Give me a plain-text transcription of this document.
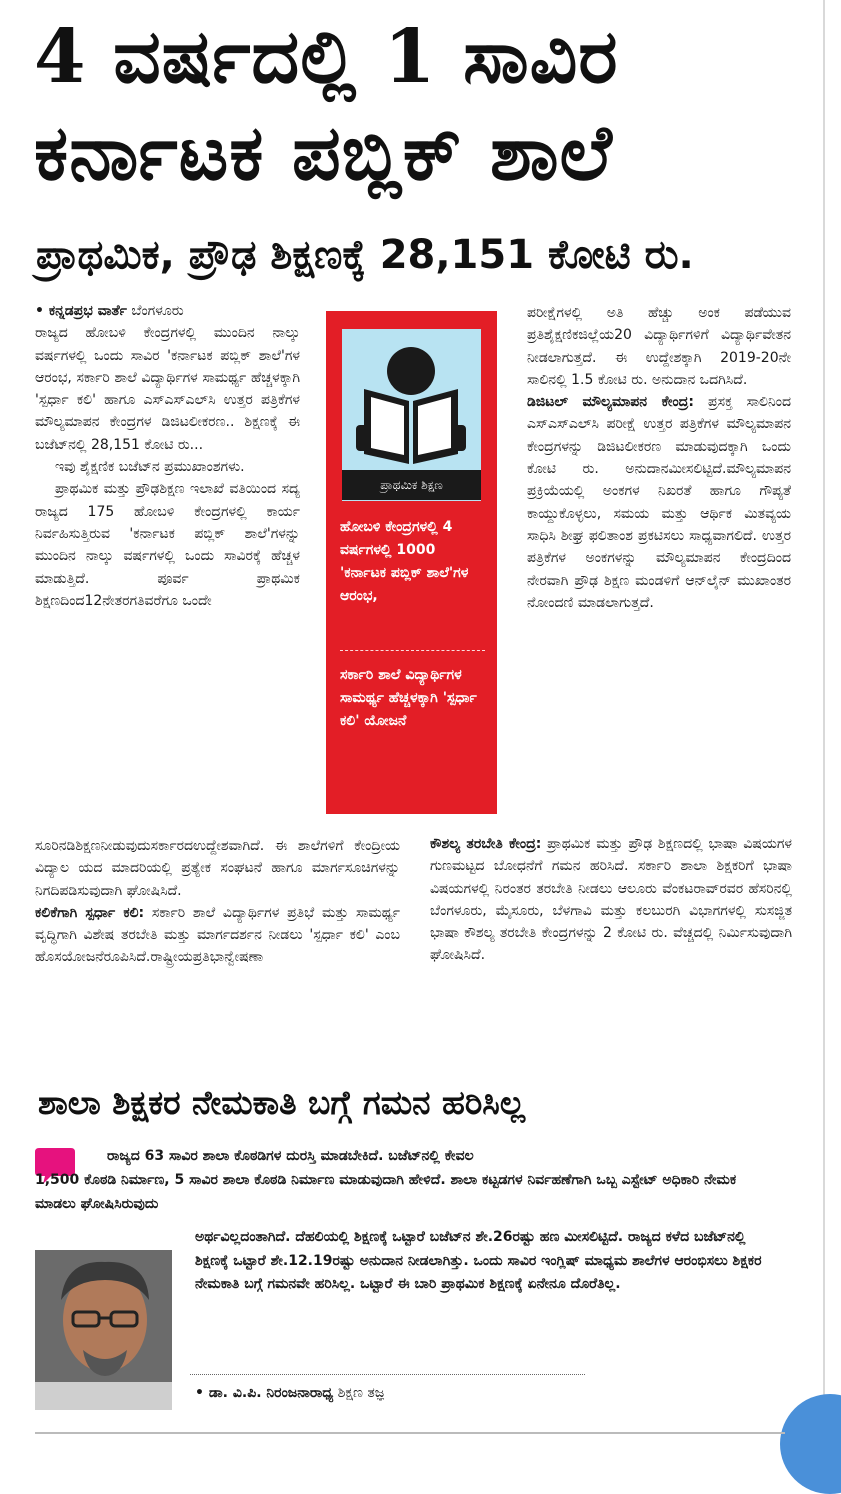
4 ವರ್ಷದಲ್ಲಿ 1 ಸಾವಿರ
ಕರ್ನಾಟಕ ಪಬ್ಲಿಕ್ ಶಾಲೆ
ಪ್ರಾಥಮಿಕ, ಪ್ರೌಢ ಶಿಕ್ಷಣಕ್ಕೆ 28,151 ಕೋಟಿ ರು.

• ಕನ್ನಡಪ್ರಭ ವಾರ್ತೆ ಬೆಂಗಳೂರು

ರಾಜ್ಯದ ಹೋಬಳಿ ಕೇಂದ್ರಗಳಲ್ಲಿ ಮುಂದಿನ ನಾಲ್ಕು ವರ್ಷಗಳಲ್ಲಿ ಒಂದು ಸಾವಿರ 'ಕರ್ನಾಟಕ ಪಬ್ಲಿಕ್ ಶಾಲೆ'ಗಳ ಆರಂಭ, ಸರ್ಕಾರಿ ಶಾಲೆ ವಿದ್ಯಾರ್ಥಿಗಳ ಸಾಮರ್ಥ್ಯ ಹೆಚ್ಚಳಕ್ಕಾಗಿ 'ಸ್ಪರ್ಧಾ ಕಲಿ' ಹಾಗೂ ಎಸ್ಎಸ್ಎಲ್‌ಸಿ ಉತ್ತರ ಪತ್ರಿಕೆಗಳ ಮೌಲ್ಯಮಾಪನ ಕೇಂದ್ರಗಳ ಡಿಜಿಟಲೀಕರಣ.. ಶಿಕ್ಷಣಕ್ಕೆ ಈ ಬಜೆಟ್‌ನಲ್ಲಿ 28,151 ಕೋಟಿ ರು...

ಇವು ಶೈಕ್ಷಣಿಕ ಬಜೆಟ್‌ನ ಪ್ರಮುಖಾಂಶಗಳು.

ಪ್ರಾಥಮಿಕ ಮತ್ತು ಪ್ರೌಢಶಿಕ್ಷಣ ಇಲಾಖೆ ವತಿಯಿಂದ ಸದ್ಯ ರಾಜ್ಯದ 175 ಹೋಬಳಿ ಕೇಂದ್ರಗಳಲ್ಲಿ ಕಾರ್ಯ ನಿರ್ವಹಿಸುತ್ತಿರುವ 'ಕರ್ನಾಟಕ ಪಬ್ಲಿಕ್ ಶಾಲೆ'ಗಳನ್ನು ಮುಂದಿನ ನಾಲ್ಕು ವರ್ಷಗಳಲ್ಲಿ ಒಂದು ಸಾವಿರಕ್ಕೆ ಹೆಚ್ಚಳ ಮಾಡುತ್ತಿದೆ. ಪೂರ್ವ ಪ್ರಾಥಮಿಕ ಶಿಕ್ಷಣದಿಂದ12ನೇತರಗತಿವರೆಗೂ ಒಂದೇ

ಸೂರಿನಡಿಶಿಕ್ಷಣನೀಡುವುದುಸರ್ಕಾರದಉದ್ದೇಶವಾಗಿದೆ. ಈ ಶಾಲೆಗಳಿಗೆ ಕೇಂದ್ರೀಯ ವಿದ್ಯಾಲ ಯದ ಮಾದರಿಯಲ್ಲಿ ಪ್ರತ್ಯೇಕ ಸಂಘಟನೆ ಹಾಗೂ ಮಾರ್ಗಸೂಚಿಗಳನ್ನು ನಿಗದಿಪಡಿಸುವುದಾಗಿ ಘೋಷಿಸಿದೆ.

ಕಲಿಕೆಗಾಗಿ ಸ್ಪರ್ಧಾ ಕಲಿ: ಸರ್ಕಾರಿ ಶಾಲೆ ವಿದ್ಯಾರ್ಥಿಗಳ ಪ್ರತಿಭೆ ಮತ್ತು ಸಾಮರ್ಥ್ಯ ವೃದ್ಧಿಗಾಗಿ ವಿಶೇಷ ತರಬೇತಿ ಮತ್ತು ಮಾರ್ಗದರ್ಶನ ನೀಡಲು 'ಸ್ಪರ್ಧಾ ಕಲಿ' ಎಂಬ ಹೊಸಯೋಜನೆರೂಪಿಸಿದೆ.ರಾಷ್ಟ್ರೀಯಪ್ರತಿಭಾನ್ವೇಷಣಾ

ಪ್ರಾಥಮಿಕ ಶಿಕ್ಷಣ
ಹೋಬಳಿ ಕೇಂದ್ರಗಳಲ್ಲಿ 4 ವರ್ಷಗಳಲ್ಲಿ 1000 'ಕರ್ನಾಟಕ ಪಬ್ಲಿಕ್ ಶಾಲೆ'ಗಳ ಆರಂಭ,
ಸರ್ಕಾರಿ ಶಾಲೆ ವಿದ್ಯಾರ್ಥಿಗಳ ಸಾಮರ್ಥ್ಯ ಹೆಚ್ಚಳಕ್ಕಾಗಿ 'ಸ್ಪರ್ಧಾ ಕಲಿ' ಯೋಜನೆ

ಪರೀಕ್ಷೆಗಳಲ್ಲಿ ಅತಿ ಹೆಚ್ಚು ಅಂಕ ಪಡೆಯುವ ಪ್ರತಿಶೈಕ್ಷಣಿಕಜಿಲ್ಲೆಯ20 ವಿದ್ಯಾರ್ಥಿಗಳಿಗೆ ವಿದ್ಯಾರ್ಥಿವೇತನ ನೀಡಲಾಗುತ್ತದೆ. ಈ ಉದ್ದೇಶಕ್ಕಾಗಿ 2019-20ನೇ ಸಾಲಿನಲ್ಲಿ 1.5 ಕೋಟಿ ರು. ಅನುದಾನ ಒದಗಿಸಿದೆ.

ಡಿಜಿಟಲ್ ಮೌಲ್ಯಮಾಪನ ಕೇಂದ್ರ: ಪ್ರಸಕ್ತ ಸಾಲಿನಿಂದ ಎಸ್ಎಸ್ಎಲ್‌ಸಿ ಪರೀಕ್ಷೆ ಉತ್ತರ ಪತ್ರಿಕೆಗಳ ಮೌಲ್ಯಮಾಪನ ಕೇಂದ್ರಗಳನ್ನು ಡಿಜಿಟಲೀಕರಣ ಮಾಡುವುದಕ್ಕಾಗಿ ಒಂದು ಕೋಟಿ ರು. ಅನುದಾನಮೀಸಲಿಟ್ಟಿದೆ.ಮೌಲ್ಯಮಾಪನ ಪ್ರಕ್ರಿಯೆಯಲ್ಲಿ ಅಂಕಗಳ ನಿಖರತೆ ಹಾಗೂ ಗೌಪ್ಯತೆ ಕಾಯ್ದುಕೊಳ್ಳಲು, ಸಮಯ ಮತ್ತು ಆರ್ಥಿಕ ಮಿತವ್ಯಯ ಸಾಧಿಸಿ ಶೀಘ್ರ ಫಲಿತಾಂಶ ಪ್ರಕಟಿಸಲು ಸಾಧ್ಯವಾಗಲಿದೆ. ಉತ್ತರ ಪತ್ರಿಕೆಗಳ ಅಂಕಗಳನ್ನು ಮೌಲ್ಯಮಾಪನ ಕೇಂದ್ರದಿಂದ ನೇರವಾಗಿ ಪ್ರೌಢ ಶಿಕ್ಷಣ ಮಂಡಳಿಗೆ ಆನ್‌ಲೈನ್ ಮುಖಾಂತರ ನೋಂದಣಿ ಮಾಡಲಾಗುತ್ತದೆ.

ಕೌಶಲ್ಯ ತರಬೇತಿ ಕೇಂದ್ರ: ಪ್ರಾಥಮಿಕ ಮತ್ತು ಪ್ರೌಢ ಶಿಕ್ಷಣದಲ್ಲಿ ಭಾಷಾ ವಿಷಯಗಳ ಗುಣಮಟ್ಟದ ಬೋಧನೆಗೆ ಗಮನ ಹರಿಸಿದೆ. ಸರ್ಕಾರಿ ಶಾಲಾ ಶಿಕ್ಷಕರಿಗೆ ಭಾಷಾ ವಿಷಯಗಳಲ್ಲಿ ನಿರಂತರ ತರಬೇತಿ ನೀಡಲು ಆಲೂರು ವೆಂಕಟರಾವ್‌ರವರ ಹೆಸರಿನಲ್ಲಿ ಬೆಂಗಳೂರು, ಮೈಸೂರು, ಬೆಳಗಾವಿ ಮತ್ತು ಕಲಬುರಗಿ ವಿಭಾಗಗಳಲ್ಲಿ ಸುಸಜ್ಜಿತ ಭಾಷಾ ಕೌಶಲ್ಯ ತರಬೇತಿ ಕೇಂದ್ರಗಳನ್ನು 2 ಕೋಟಿ ರು. ವೆಚ್ಚದಲ್ಲಿ ನಿರ್ಮಿಸುವುದಾಗಿ ಘೋಷಿಸಿದೆ.

ಶಾಲಾ ಶಿಕ್ಷಕರ ನೇಮಕಾತಿ ಬಗ್ಗೆ ಗಮನ ಹರಿಸಿಲ್ಲ
ರಾಜ್ಯದ 63 ಸಾವಿರ ಶಾಲಾ ಕೊಠಡಿಗಳ ದುರಸ್ತಿ ಮಾಡಬೇಕಿದೆ. ಬಜೆಟ್‌ನಲ್ಲಿ ಕೇವಲ
1,500 ಕೊಠಡಿ ನಿರ್ಮಾಣ, 5 ಸಾವಿರ ಶಾಲಾ ಕೊಠಡಿ ನಿರ್ಮಾಣ ಮಾಡುವುದಾಗಿ ಹೇಳಿದೆ. ಶಾಲಾ ಕಟ್ಟಡಗಳ ನಿರ್ವಹಣೆಗಾಗಿ ಒಬ್ಬ ಎಸ್ಟೇಟ್ ಅಧಿಕಾರಿ ನೇಮಕ ಮಾಡಲು ಘೋಷಿಸಿರುವುದು
ಅರ್ಥವಿಲ್ಲದಂತಾಗಿದೆ. ದೆಹಲಿಯಲ್ಲಿ ಶಿಕ್ಷಣಕ್ಕೆ ಒಟ್ಟಾರೆ ಬಜೆಟ್‌ನ ಶೇ.26ರಷ್ಟು ಹಣ ಮೀಸಲಿಟ್ಟಿದೆ. ರಾಜ್ಯದ ಕಳೆದ ಬಜೆಟ್‌ನಲ್ಲಿ ಶಿಕ್ಷಣಕ್ಕೆ ಒಟ್ಟಾರೆ ಶೇ.12.19ರಷ್ಟು ಅನುದಾನ ನೀಡಲಾಗಿತ್ತು. ಒಂದು ಸಾವಿರ ಇಂಗ್ಲಿಷ್ ಮಾಧ್ಯಮ ಶಾಲೆಗಳ ಆರಂಭಿಸಲು ಶಿಕ್ಷಕರ ನೇಮಕಾತಿ ಬಗ್ಗೆ ಗಮನವೇ ಹರಿಸಿಲ್ಲ. ಒಟ್ಟಾರೆ ಈ ಬಾರಿ ಪ್ರಾಥಮಿಕ ಶಿಕ್ಷಣಕ್ಕೆ ಏನೇನೂ ದೊರೆತಿಲ್ಲ.
• ಡಾ. ವಿ.ಪಿ. ನಿರಂಜನಾರಾಧ್ಯ ಶಿಕ್ಷಣ ತಜ್ಞ
